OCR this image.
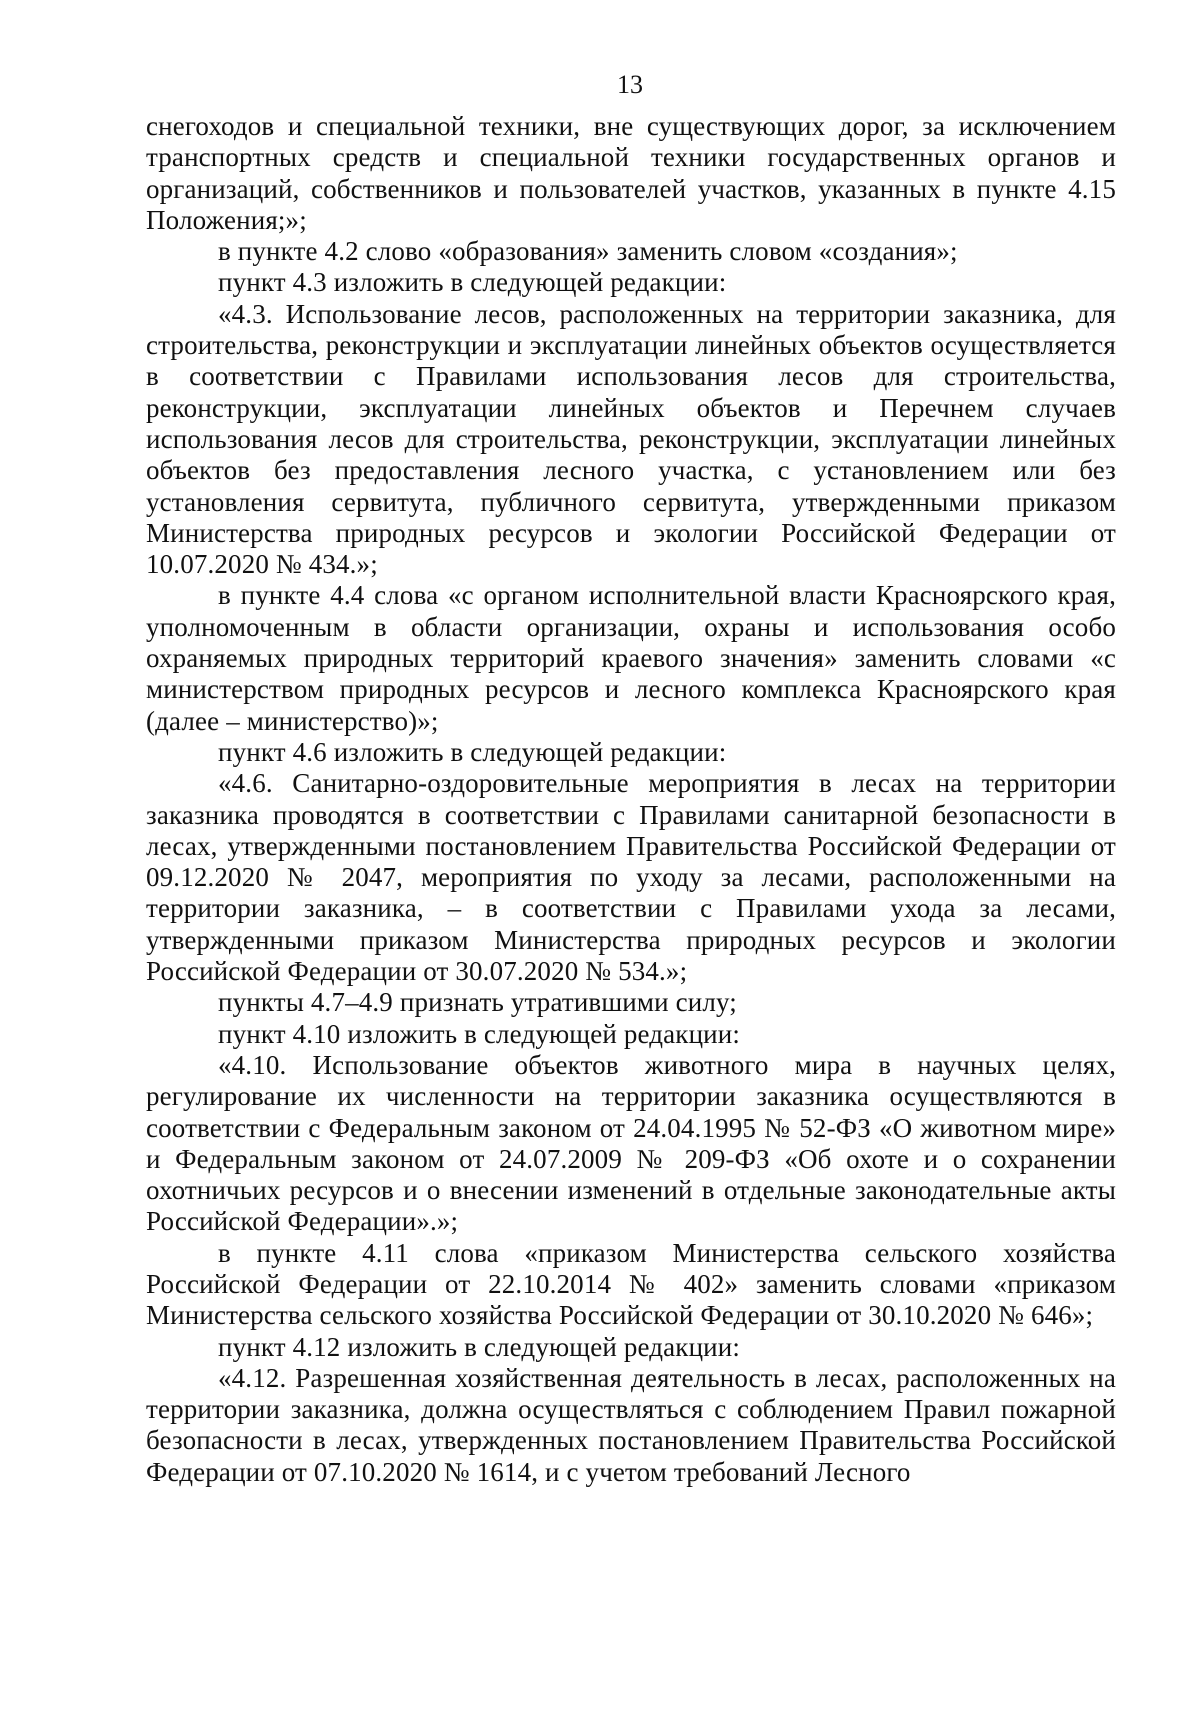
13

снегоходов и специальной техники, вне существующих дорог, за исключением транспортных средств и специальной техники государственных органов и организаций, собственников и пользователей участков, указанных в пункте 4.15 Положения;»;

в пункте 4.2 слово «образования» заменить словом «создания»;

пункт 4.3 изложить в следующей редакции:

«4.3. Использование лесов, расположенных на территории заказника, для строительства, реконструкции и эксплуатации линейных объектов осуществляется в соответствии с Правилами использования лесов для строительства, реконструкции, эксплуатации линейных объектов и Перечнем случаев использования лесов для строительства, реконструкции, эксплуатации линейных объектов без предоставления лесного участка, с установлением или без установления сервитута, публичного сервитута, утвержденными приказом Министерства природных ресурсов и экологии Российской Федерации от 10.07.2020 № 434.»;

в пункте 4.4 слова «с органом исполнительной власти Красноярского края, уполномоченным в области организации, охраны и использования особо охраняемых природных территорий краевого значения» заменить словами «с министерством природных ресурсов и лесного комплекса Красноярского края (далее – министерство)»;

пункт 4.6 изложить в следующей редакции:

«4.6. Санитарно-оздоровительные мероприятия в лесах на территории заказника проводятся в соответствии с Правилами санитарной безопасности в лесах, утвержденными постановлением Правительства Российской Федерации от 09.12.2020 № 2047, мероприятия по уходу за лесами, расположенными на территории заказника, – в соответствии с Правилами ухода за лесами, утвержденными приказом Министерства природных ресурсов и экологии Российской Федерации от 30.07.2020 № 534.»;

пункты 4.7–4.9 признать утратившими силу;

пункт 4.10 изложить в следующей редакции:

«4.10. Использование объектов животного мира в научных целях, регулирование их численности на территории заказника осуществляются в соответствии с Федеральным законом от 24.04.1995 № 52-ФЗ «О животном мире» и Федеральным законом от 24.07.2009 № 209-ФЗ «Об охоте и о сохранении охотничьих ресурсов и о внесении изменений в отдельные законодательные акты Российской Федерации».»;

в пункте 4.11 слова «приказом Министерства сельского хозяйства Российской Федерации от 22.10.2014 № 402» заменить словами «приказом Министерства сельского хозяйства Российской Федерации от 30.10.2020 № 646»;

пункт 4.12 изложить в следующей редакции:

«4.12. Разрешенная хозяйственная деятельность в лесах, расположенных на территории заказника, должна осуществляться с соблюдением Правил пожарной безопасности в лесах, утвержденных постановлением Правительства Российской Федерации от 07.10.2020 № 1614, и с учетом требований Лесного
